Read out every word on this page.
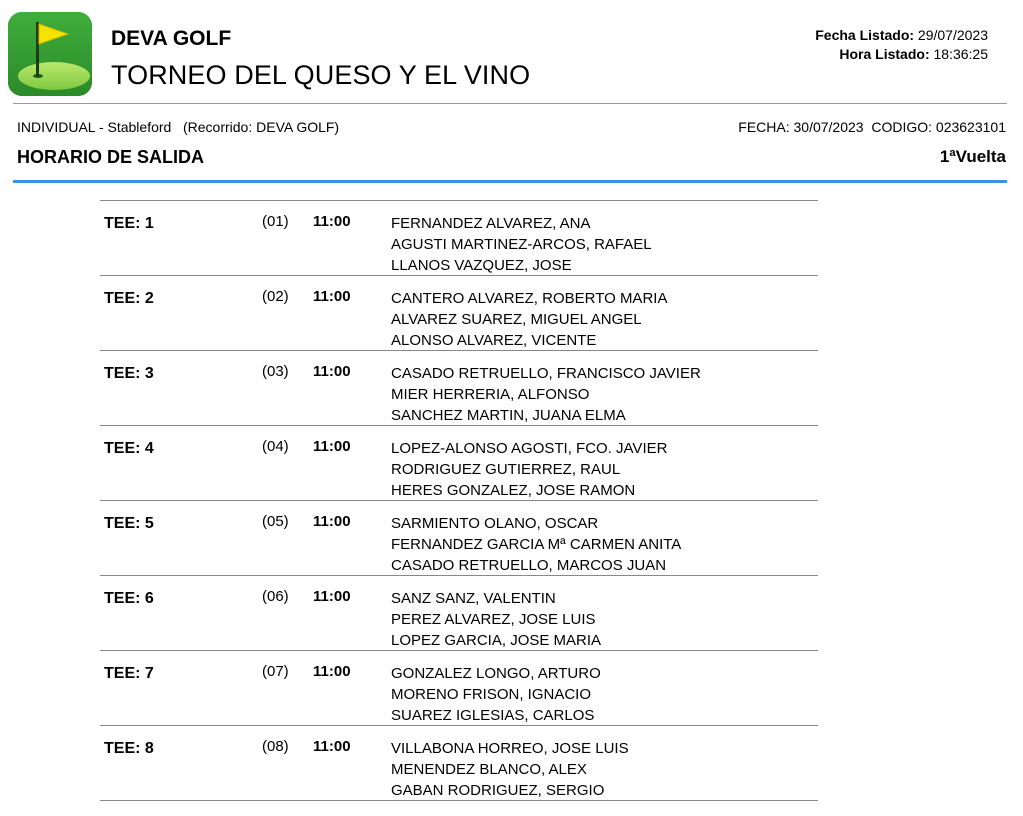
DEVA GOLF
TORNEO DEL QUESO Y EL VINO
Fecha Listado: 29/07/2023
Hora Listado: 18:36:25
INDIVIDUAL - Stableford   (Recorrido: DEVA GOLF)	FECHA: 30/07/2023  CODIGO: 023623101
HORARIO DE SALIDA	1ªVuelta
TEE: 1	(01) 11:00	FERNANDEZ ALVAREZ, ANA
AGUSTI MARTINEZ-ARCOS, RAFAEL
LLANOS VAZQUEZ, JOSE
TEE: 2	(02) 11:00	CANTERO ALVAREZ, ROBERTO MARIA
ALVAREZ SUAREZ, MIGUEL ANGEL
ALONSO ALVAREZ, VICENTE
TEE: 3	(03) 11:00	CASADO RETRUELLO, FRANCISCO JAVIER
MIER HERRERIA, ALFONSO
SANCHEZ MARTIN, JUANA ELMA
TEE: 4	(04) 11:00	LOPEZ-ALONSO AGOSTI, FCO. JAVIER
RODRIGUEZ GUTIERREZ, RAUL
HERES GONZALEZ, JOSE RAMON
TEE: 5	(05) 11:00	SARMIENTO OLANO, OSCAR
FERNANDEZ GARCIA Mª CARMEN ANITA
CASADO RETRUELLO, MARCOS JUAN
TEE: 6	(06) 11:00	SANZ SANZ, VALENTIN
PEREZ ALVAREZ, JOSE LUIS
LOPEZ GARCIA, JOSE MARIA
TEE: 7	(07) 11:00	GONZALEZ LONGO, ARTURO
MORENO FRISON, IGNACIO
SUAREZ IGLESIAS, CARLOS
TEE: 8	(08) 11:00	VILLABONA HORREO, JOSE LUIS
MENENDEZ BLANCO, ALEX
GABAN RODRIGUEZ, SERGIO
